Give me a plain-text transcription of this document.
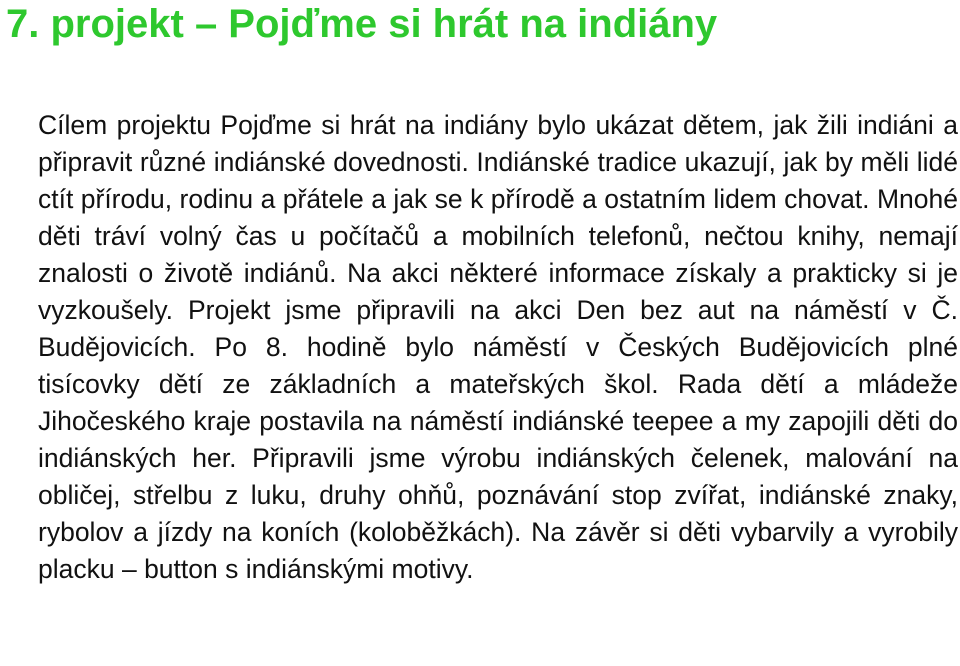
7. projekt – Pojďme si hrát na indiány

Cílem projektu Pojďme si hrát na indiány bylo ukázat dětem, jak žili indiáni a připravit různé indiánské dovednosti. Indiánské tradice ukazují, jak by měli lidé ctít přírodu, rodinu a přátele a jak se k přírodě a ostatním lidem chovat. Mnohé děti tráví volný čas u počítačů a mobilních telefonů, nečtou knihy, nemají znalosti o životě indiánů. Na akci některé informace získaly a prakticky si je vyzkoušely. Projekt jsme připravili na akci Den bez aut na náměstí v Č. Budějovicích. Po 8. hodině bylo náměstí v Českých Budějovicích plné tisícovky dětí ze základních a mateřských škol. Rada dětí a mládeže Jihočeského kraje postavila na náměstí indiánské teepee a my zapojili děti do indiánských her. Připravili jsme výrobu indiánských čelenek, malování na obličej, střelbu z luku, druhy ohňů, poznávání stop zvířat, indiánské znaky, rybolov a jízdy na koních (koloběžkách). Na závěr si děti vybarvily a vyrobily placku – button s indiánskými motivy.
